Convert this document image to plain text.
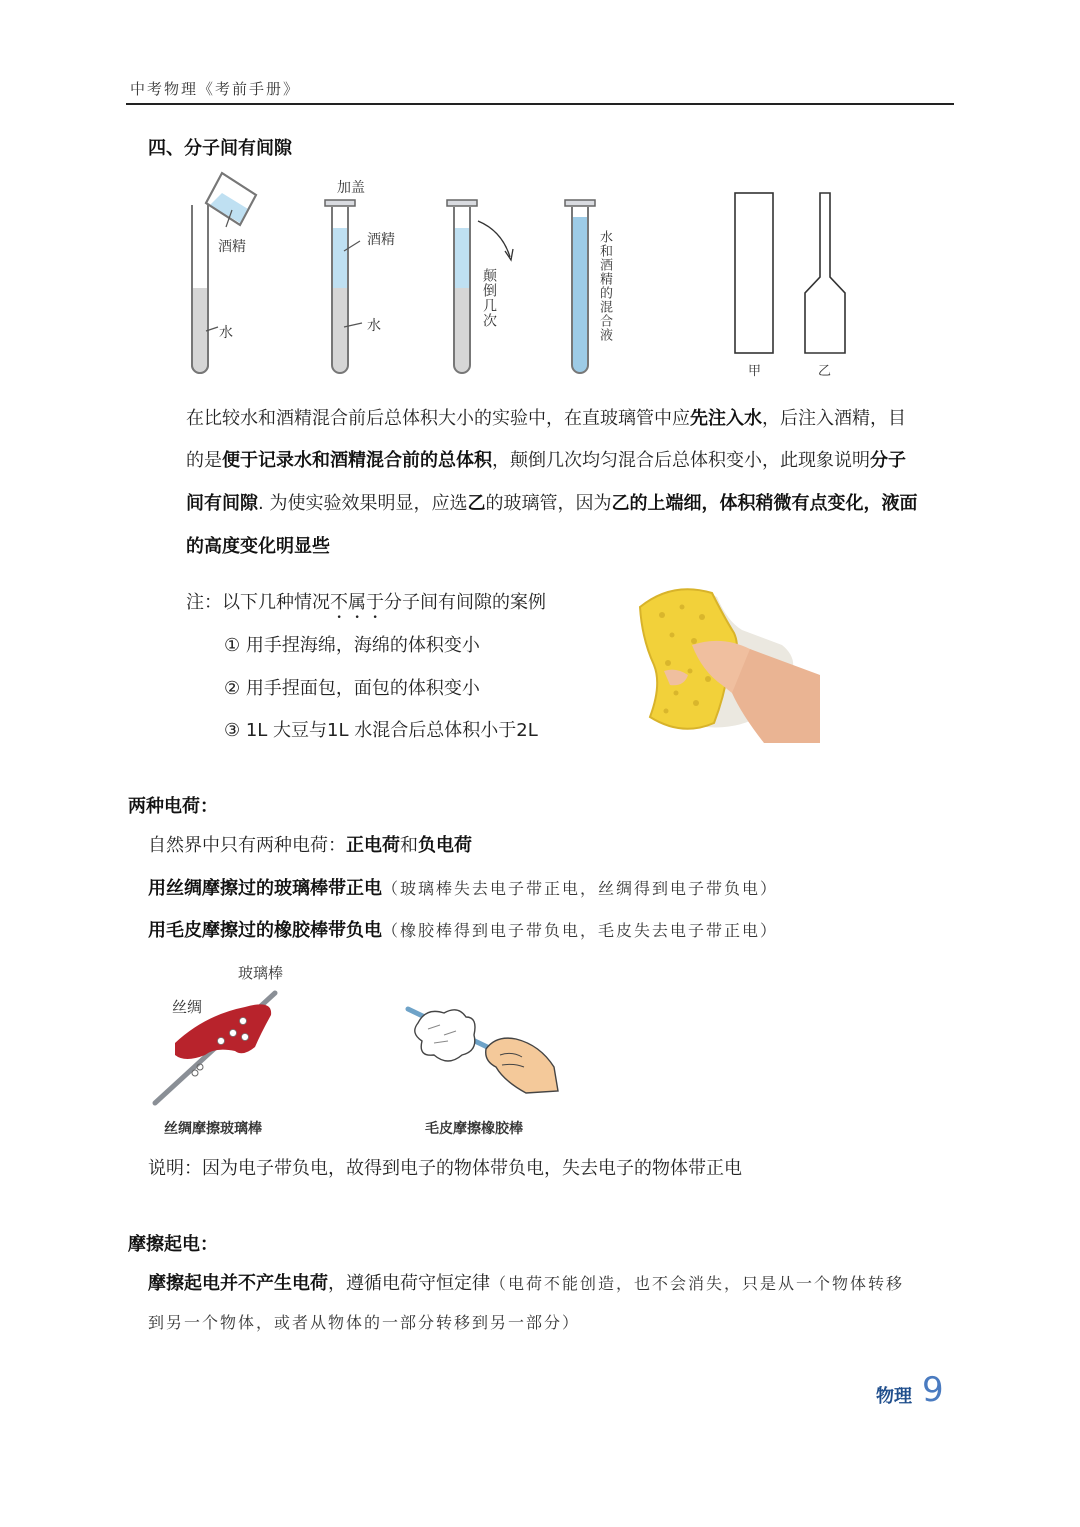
中考物理《考前手册》
四、分子间有间隙
酒精
水
加盖
酒精
水	颠倒几次	水和酒精的混合液
甲	乙
在比较水和酒精混合前后总体积大小的实验中，在直玻璃管中应先注入水，后注入酒精，目
的是便于记录水和酒精混合前的总体积，颠倒几次均匀混合后总体积变小，此现象说明分子
间有间隙. 为使实验效果明显，应选乙的玻璃管，因为乙的上端细，体积稍微有点变化，液面
的高度变化明显些
注：以下几种情况不属于分子间有间隙的案例
① 用手捏海绵，海绵的体积变小
② 用手捏面包，面包的体积变小
③ 1L 大豆与1L 水混合后总体积小于2L
两种电荷：
自然界中只有两种电荷：正电荷和负电荷
用丝绸摩擦过的玻璃棒带正电（玻璃棒失去电子带正电，丝绸得到电子带负电）
用毛皮摩擦过的橡胶棒带负电（橡胶棒得到电子带负电，毛皮失去电子带正电）
玻璃棒
丝绸
丝绸摩擦玻璃棒	毛皮摩擦橡胶棒
说明：因为电子带负电，故得到电子的物体带负电，失去电子的物体带正电
摩擦起电：
摩擦起电并不产生电荷，遵循电荷守恒定律（电荷不能创造，也不会消失，只是从一个物体转移
到另一个物体，或者从物体的一部分转移到另一部分）
物理 9
